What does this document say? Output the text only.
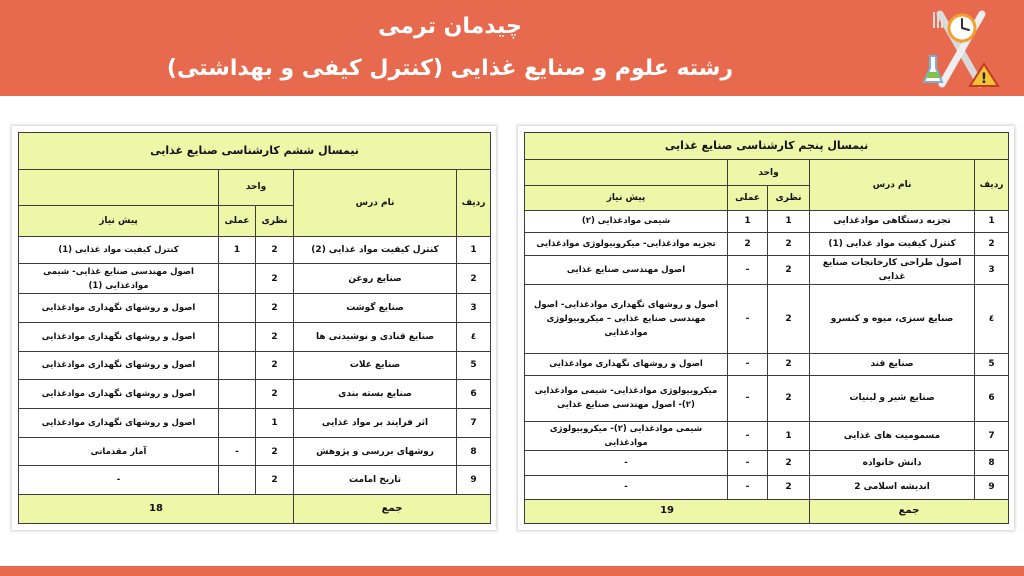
چیدمان ترمی
رشته علوم و صنایع غذایی (کنترل کیفی و بهداشتی)	!
نیمسال پنجم کارشناسی صنایع غذایی				
ردیف	نام درس	واحد		
		نظری	عملی	پیش نیاز
1	تجزیه دستگاهی موادغذایی	1	1	شیمی موادغذایی (۲)
2	کنترل کیفیت مواد غذایی (1)	2	2	تجزیه موادغذایی- میکروبیولوژی موادغذایی
3	اصول طراحی کارخانجات صنایع غذایی	2	-	اصول مهندسی صنایع غذایی
٤	صنایع سبزی، میوه و کنسرو	2	-	اصول و روشهای نگهداری موادغذایی- اصول مهندسی صنایع غذایی – میکروبیولوژی موادغذایی
5	صنایع قند	2	-	اصول و روشهای نگهداری موادغذایی
6	صنایع شیر و لبنیات	2	-	میکروبیولوژی موادغذایی- شیمی موادغذایی (۲)- اصول مهندسی صنایع غذایی
7	مسمومیت های غذایی	1	-	شیمی موادغذایی (۲)- میکروبیولوژی موادغذایی
8	دانش خانواده	2	-	-
9	اندیشه اسلامی 2	2	-	-
جمع		19		
نیمسال ششم کارشناسی صنایع غذایی				
ردیف	نام درس	واحد		
		نظری	عملی	پیش نیاز
1	کنترل کیفیت مواد غذایی (2)	2	1	کنترل کیفیت مواد غذایی (1)
2	صنایع روغن	2		اصول مهندسی صنایع غذایی- شیمی موادغذایی (1)
3	صنایع گوشت	2		اصول و روشهای نگهداری موادغذایی
٤	صنایع قنادی و نوشیدنی ها	2		اصول و روشهای نگهداری موادغذایی
5	صنایع غلات	2		اصول و روشهای نگهداری موادغذایی
6	صنایع بسته بندی	2		اصول و روشهای نگهداری موادغذایی
7	اثر فرایند بر مواد غذایی	1		اصول و روشهای نگهداری موادغذایی
8	روشهای بررسی و پژوهش	2	-	آمار مقدماتی
9	تاریخ امامت	2		-
جمع		18		
